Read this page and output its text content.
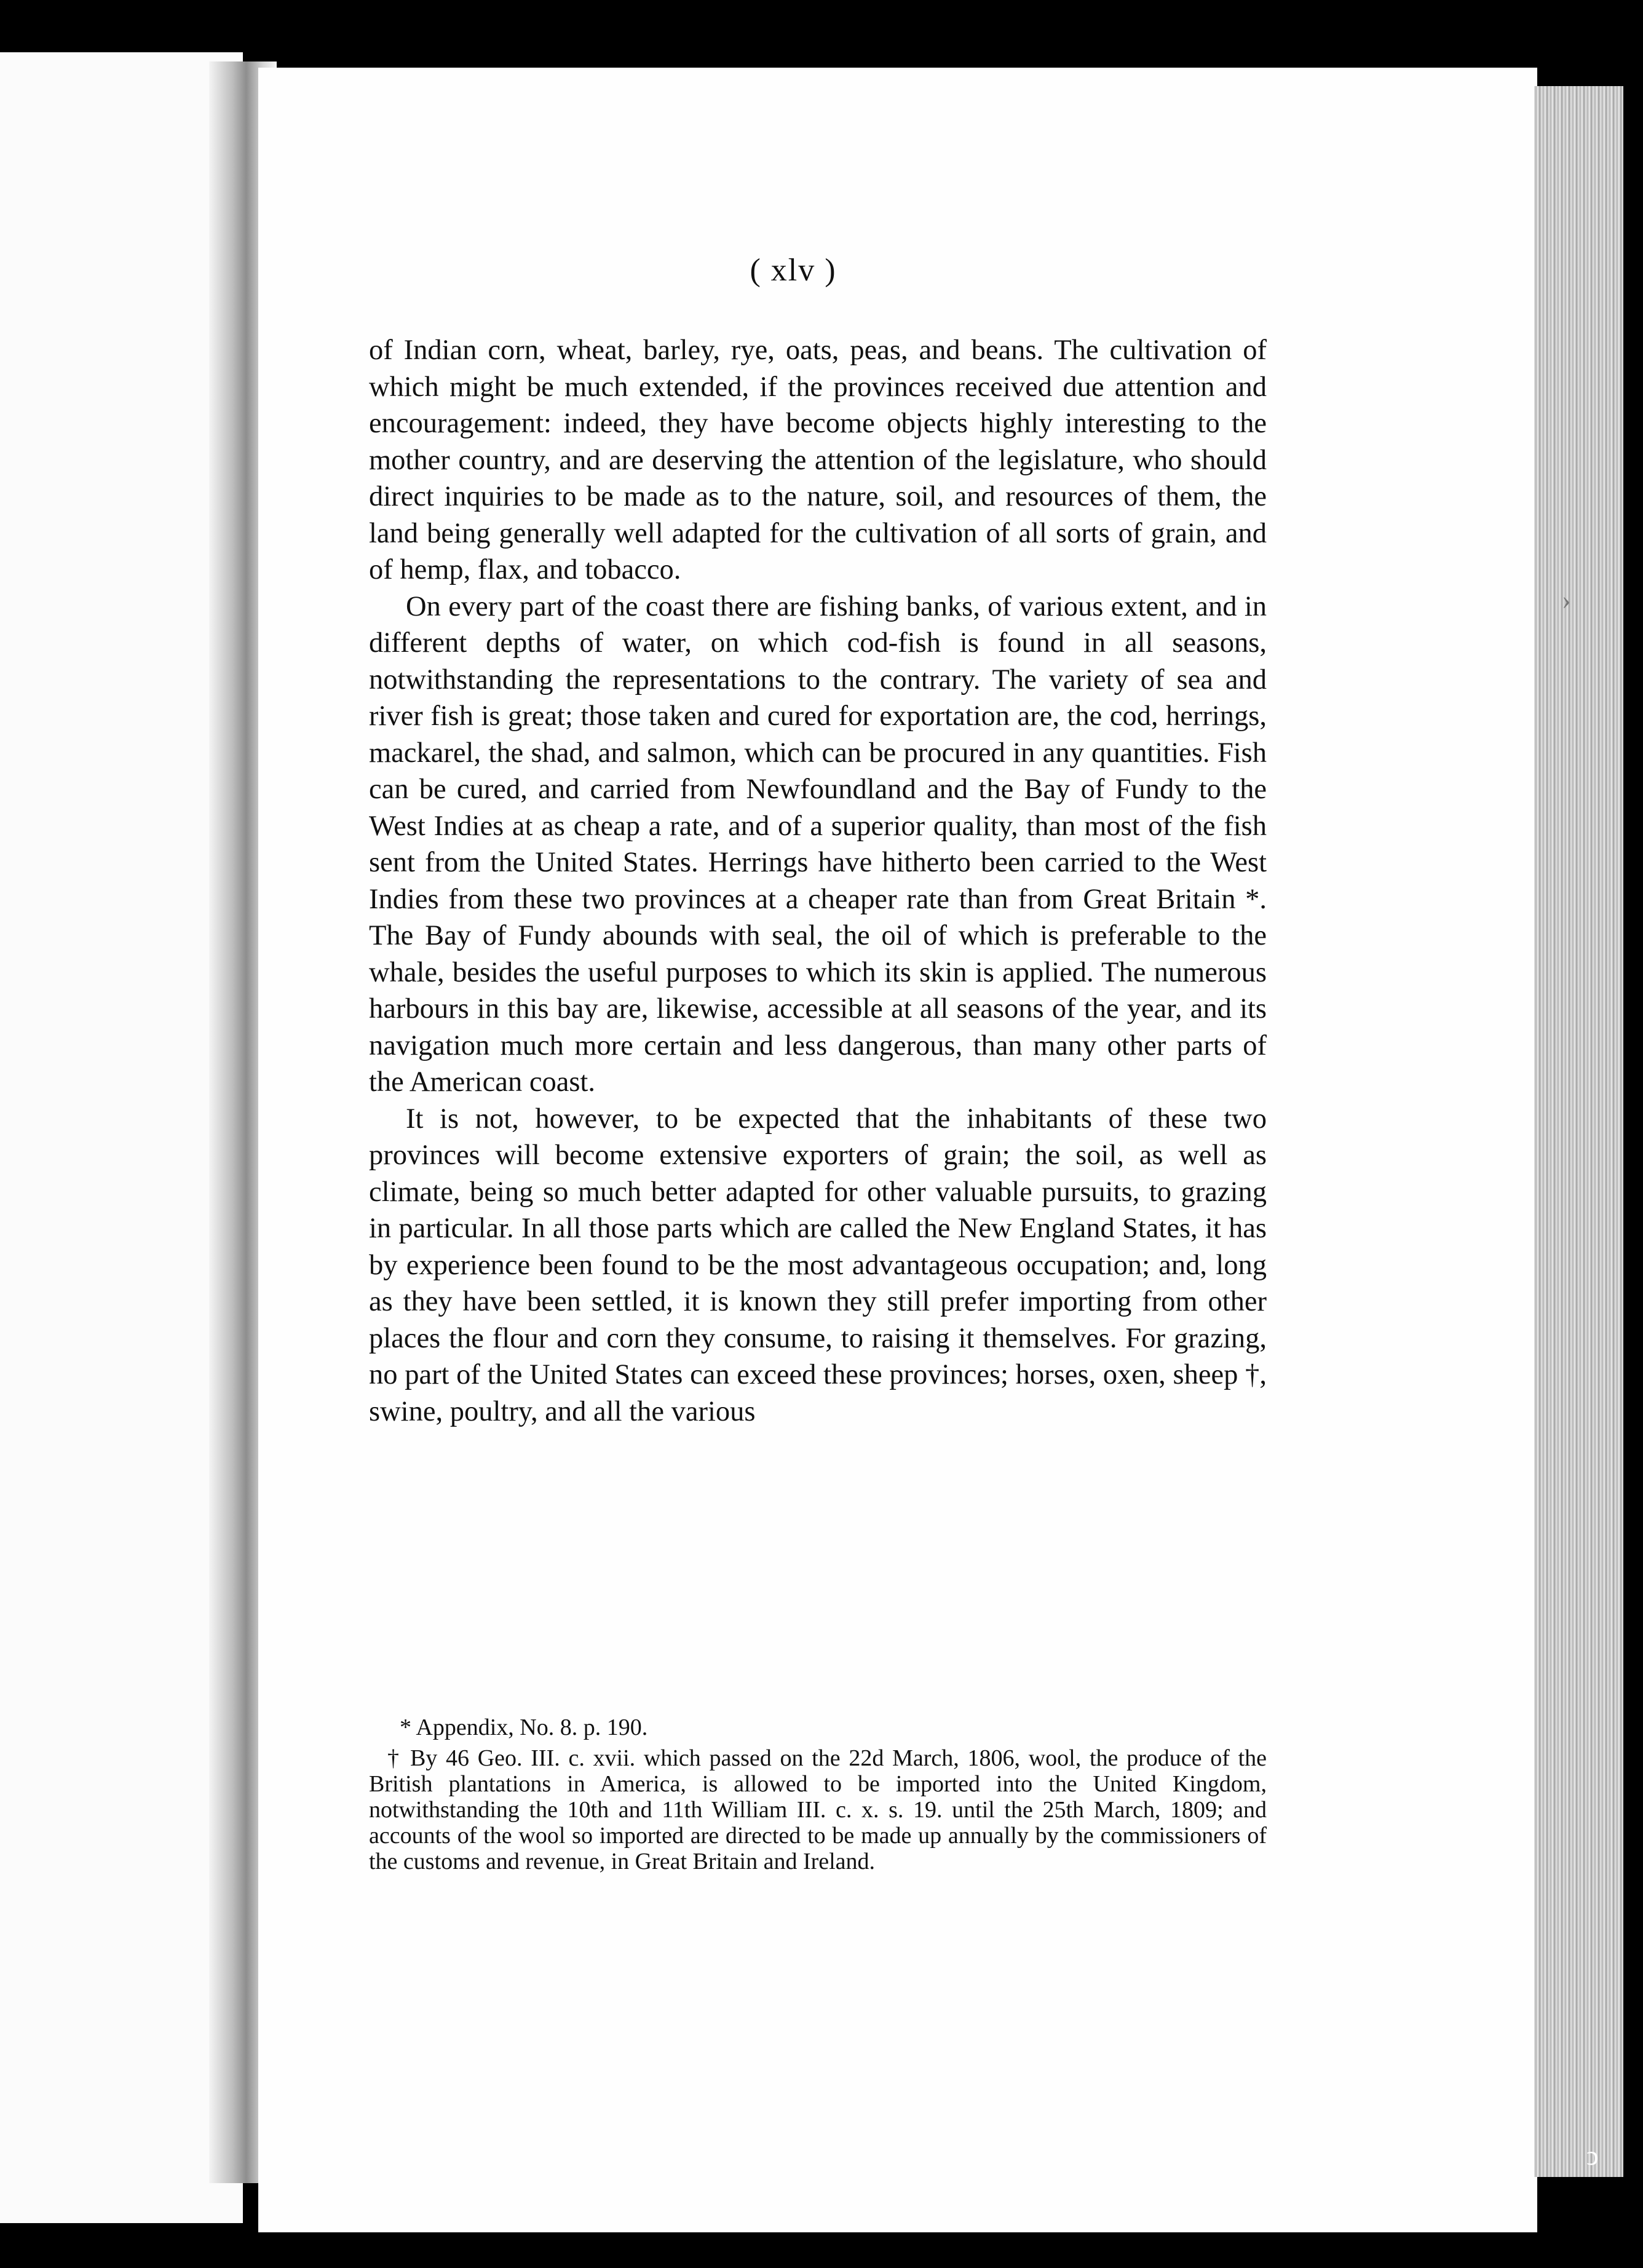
( xlv )

of Indian corn, wheat, barley, rye, oats, peas, and beans. The cultivation of which might be much extended, if the provinces received due attention and encouragement: indeed, they have become objects highly interesting to the mother country, and are deserving the attention of the legislature, who should direct inquiries to be made as to the nature, soil, and resources of them, the land being generally well adapted for the cultivation of all sorts of grain, and of hemp, flax, and tobacco.

On every part of the coast there are fishing banks, of various extent, and in different depths of water, on which cod-fish is found in all seasons, notwithstanding the representations to the contrary. The variety of sea and river fish is great; those taken and cured for exportation are, the cod, herrings, mackarel, the shad, and salmon, which can be procured in any quantities. Fish can be cured, and carried from Newfoundland and the Bay of Fundy to the West Indies at as cheap a rate, and of a superior quality, than most of the fish sent from the United States. Herrings have hitherto been carried to the West Indies from these two provinces at a cheaper rate than from Great Britain *. The Bay of Fundy abounds with seal, the oil of which is preferable to the whale, besides the useful purposes to which its skin is applied. The numerous harbours in this bay are, likewise, accessible at all seasons of the year, and its navigation much more certain and less dangerous, than many other parts of the American coast.

It is not, however, to be expected that the inhabitants of these two provinces will become extensive exporters of grain; the soil, as well as climate, being so much better adapted for other valuable pursuits, to grazing in particular. In all those parts which are called the New England States, it has by experience been found to be the most advantageous occupation; and, long as they have been settled, it is known they still prefer importing from other places the flour and corn they consume, to raising it themselves. For grazing, no part of the United States can exceed these provinces; horses, oxen, sheep †, swine, poultry, and all the various

* Appendix, No. 8. p. 190.

† By 46 Geo. III. c. xvii. which passed on the 22d March, 1806, wool, the produce of the British plantations in America, is allowed to be imported into the United Kingdom, notwithstanding the 10th and 11th William III. c. x. s. 19. until the 25th March, 1809; and accounts of the wool so imported are directed to be made up annually by the commissioners of the customs and revenue, in Great Britain and Ireland.

›
ↄ
